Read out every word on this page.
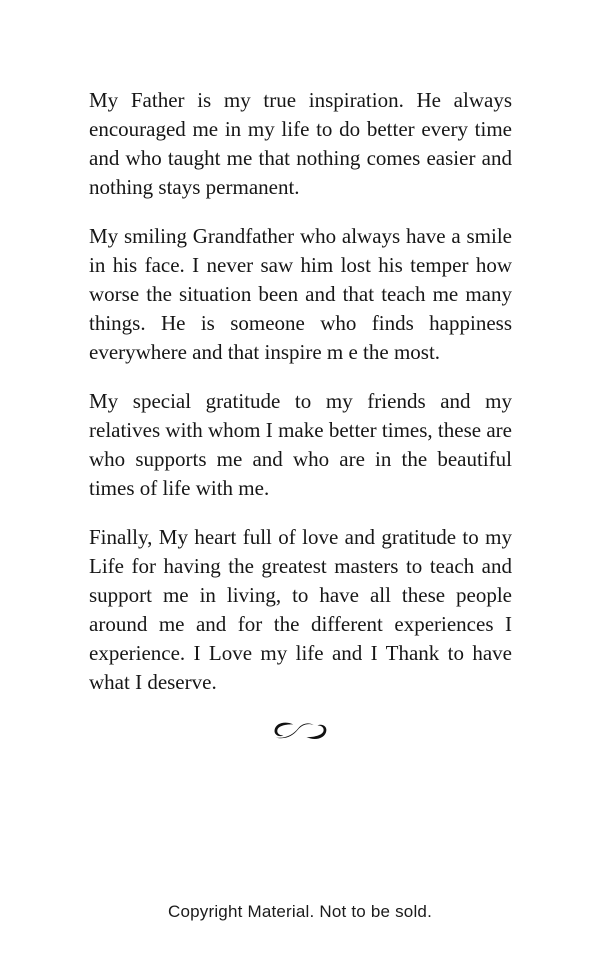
My Father is my true inspiration. He always encouraged me in my life to do better every time and who taught me that nothing comes easier and nothing stays permanent.

My smiling Grandfather who always have a smile in his face. I never saw him lost his temper how worse the situation been and that teach me many things. He is someone who finds happiness everywhere and that inspire m e the most.

My special gratitude to my friends and my relatives with whom I make better times, these are who supports me and who are in the beautiful times of life with me.

Finally, My heart full of love and gratitude to my Life for having the greatest masters to teach and support me in living, to have all these people around me and for the different experiences I experience. I Love my life and I Thank to have what I deserve.

Copyright Material. Not to be sold.
